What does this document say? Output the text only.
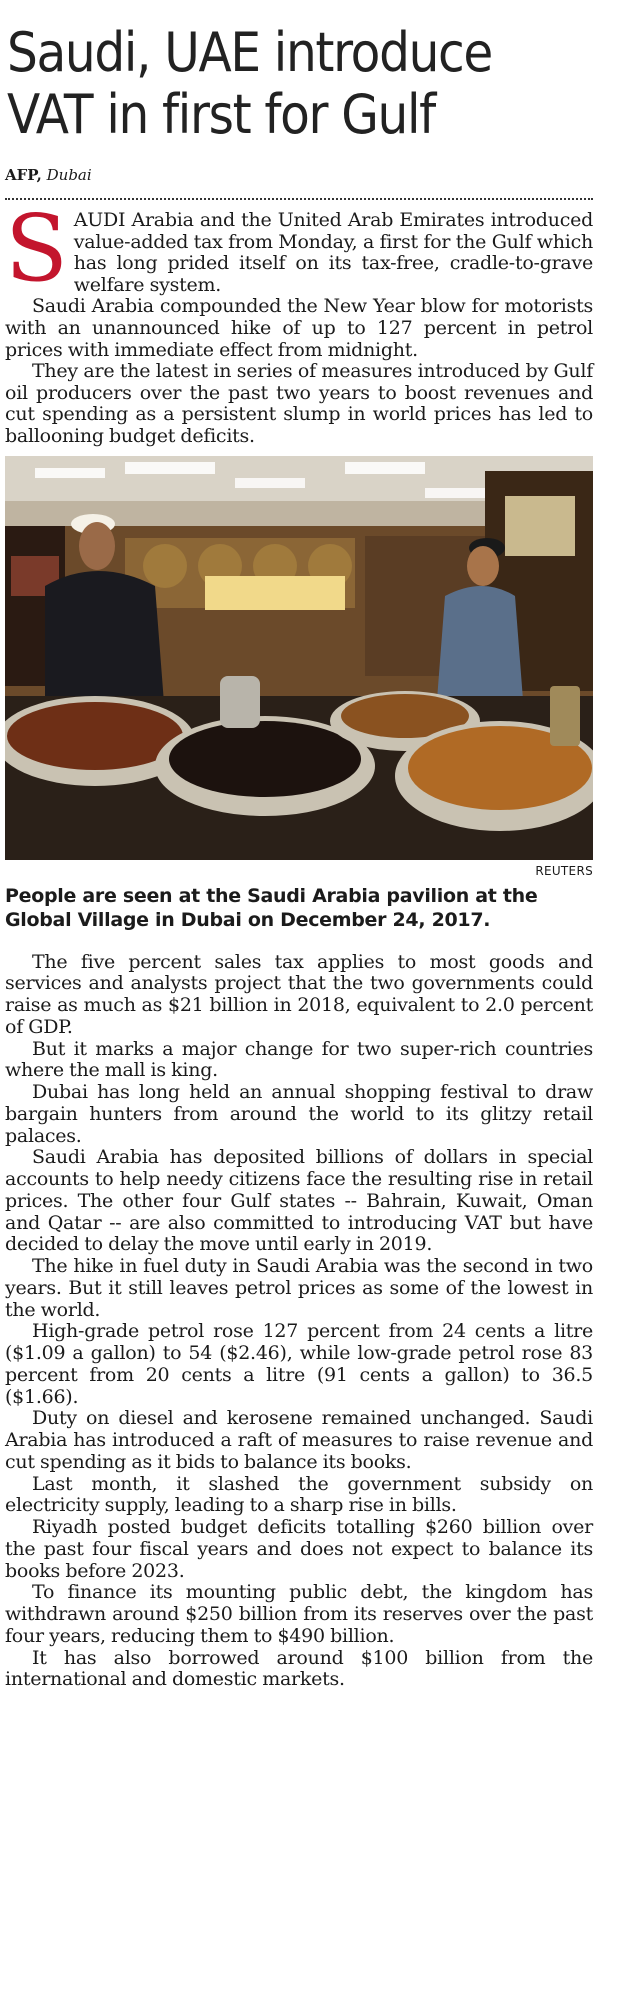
Saudi, UAE introduce
VAT in first for Gulf
AFP, Dubai

SAUDI Arabia and the United Arab Emirates introduced value-added tax from Monday, a first for the Gulf which has long prided itself on its tax-free, cradle-to-grave welfare system.

Saudi Arabia compounded the New Year blow for motorists with an unannounced hike of up to 127 percent in petrol prices with immediate effect from midnight.

They are the latest in series of measures introduced by Gulf oil producers over the past two years to boost revenues and cut spending as a persistent slump in world prices has led to ballooning budget deficits.

REUTERS
People are seen at the Saudi Arabia pavilion at the Global Village in Dubai on December 24, 2017.

The five percent sales tax applies to most goods and services and analysts project that the two governments could raise as much as $21 billion in 2018, equivalent to 2.0 percent of GDP.

But it marks a major change for two super-rich countries where the mall is king.

Dubai has long held an annual shopping festival to draw bargain hunters from around the world to its glitzy retail palaces.

Saudi Arabia has deposited billions of dollars in special accounts to help needy citizens face the resulting rise in retail prices. The other four Gulf states -- Bahrain, Kuwait, Oman and Qatar -- are also committed to introducing VAT but have decided to delay the move until early in 2019.

The hike in fuel duty in Saudi Arabia was the second in two years. But it still leaves petrol prices as some of the lowest in the world.

High-grade petrol rose 127 percent from 24 cents a litre ($1.09 a gallon) to 54 ($2.46), while low-grade petrol rose 83 percent from 20 cents a litre (91 cents a gallon) to 36.5 ($1.66).

Duty on diesel and kerosene remained unchanged. Saudi Arabia has introduced a raft of measures to raise revenue and cut spending as it bids to balance its books.

Last month, it slashed the government subsidy on electricity supply, leading to a sharp rise in bills.

Riyadh posted budget deficits totalling $260 billion over the past four fiscal years and does not expect to balance its books before 2023.

To finance its mounting public debt, the kingdom has withdrawn around $250 billion from its reserves over the past four years, reducing them to $490 billion.

It has also borrowed around $100 billion from the international and domestic markets.
